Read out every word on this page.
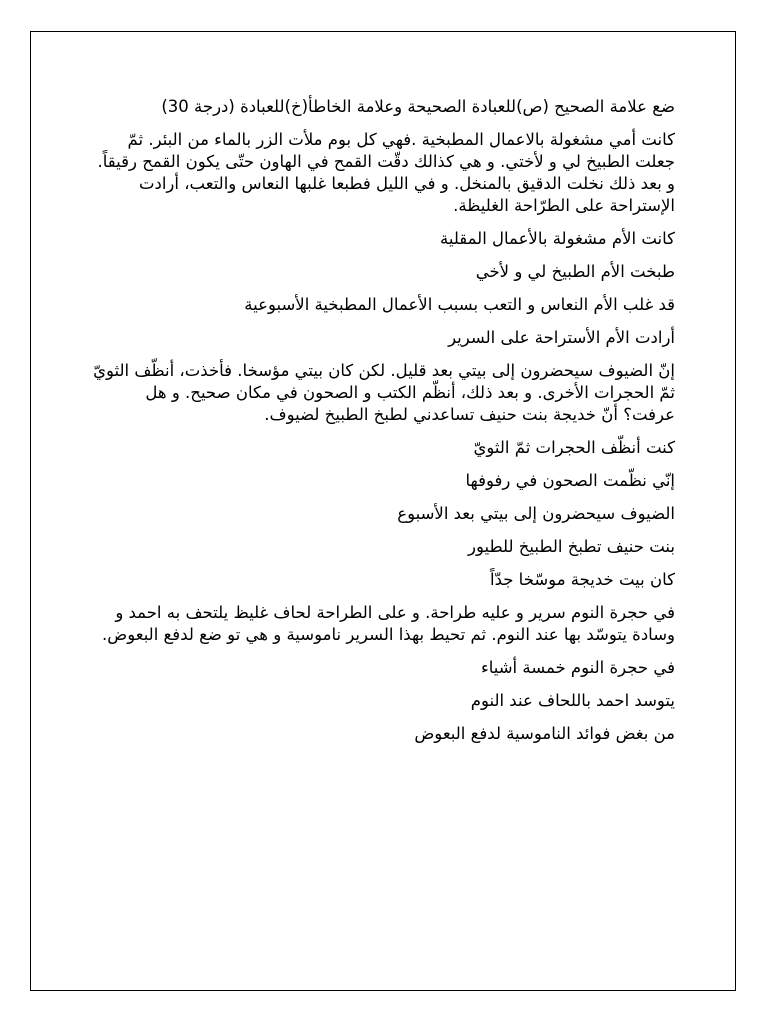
ضع علامة الصحيح (ص)للعبادة الصحيحة وعلامة الخاطأ(خ)للعبادة (درجة 30)

كانت أمي مشغولة بالاعمال المطبخية .فهي كل بوم ملأت الزر بالماء من البئر. ثمّ جعلت الطبيخ لي و لأختي. و هي كذالك دقّت القمح في الهاون حتّى يكون القمح رقيقاً. و بعد ذلك نخلت الدقيق بالمنخل. و في الليل فطبعا غلبها النعاس والتعب، أرادت الإستراحة على الطرّاحة الغليظة.

كانت الأم مشغولة بالأعمال المقلية

طبخت الأم الطبيخ لي و لأخي

قد غلب الأم النعاس و التعب بسبب الأعمال المطبخية الأسبوعية

أرادت الأم الأستراحة على السرير

إنّ الضيوف سيحضرون إلى بيتي بعد قليل. لكن كان بيتي مؤسخا. فأخذت، أنظّف الثويّ ثمّ الحجرات الأخرى. و بعد ذلك، أنظّم الكتب و الصحون في مكان صحيح. و هل عرفت؟ أنّ خديجة بنت حنيف تساعدني لطبخ الطبيخ لضيوف.

كنت أنظّف الحجرات ثمّ الثويّ

إنّي نظّمت الصحون في رفوفها

الضيوف سيحضرون إلى بيتي بعد الأسبوع

بنت حنيف تطبخ الطبيخ للطيور

كان بيت خديجة موسّخا جدّاً

في حجرة النوم سرير و عليه طراحة. و على الطراحة لحاف غليظ يلتحف به احمد و وسادة يتوسّد بها عند النوم. ثم تحيط بهذا السرير ناموسية و هي تو ضع لدفع البعوض.

في حجرة النوم خمسة أشياء

يتوسد احمد باللحاف عند النوم

من بغض فوائد الناموسية لدفع البعوض
